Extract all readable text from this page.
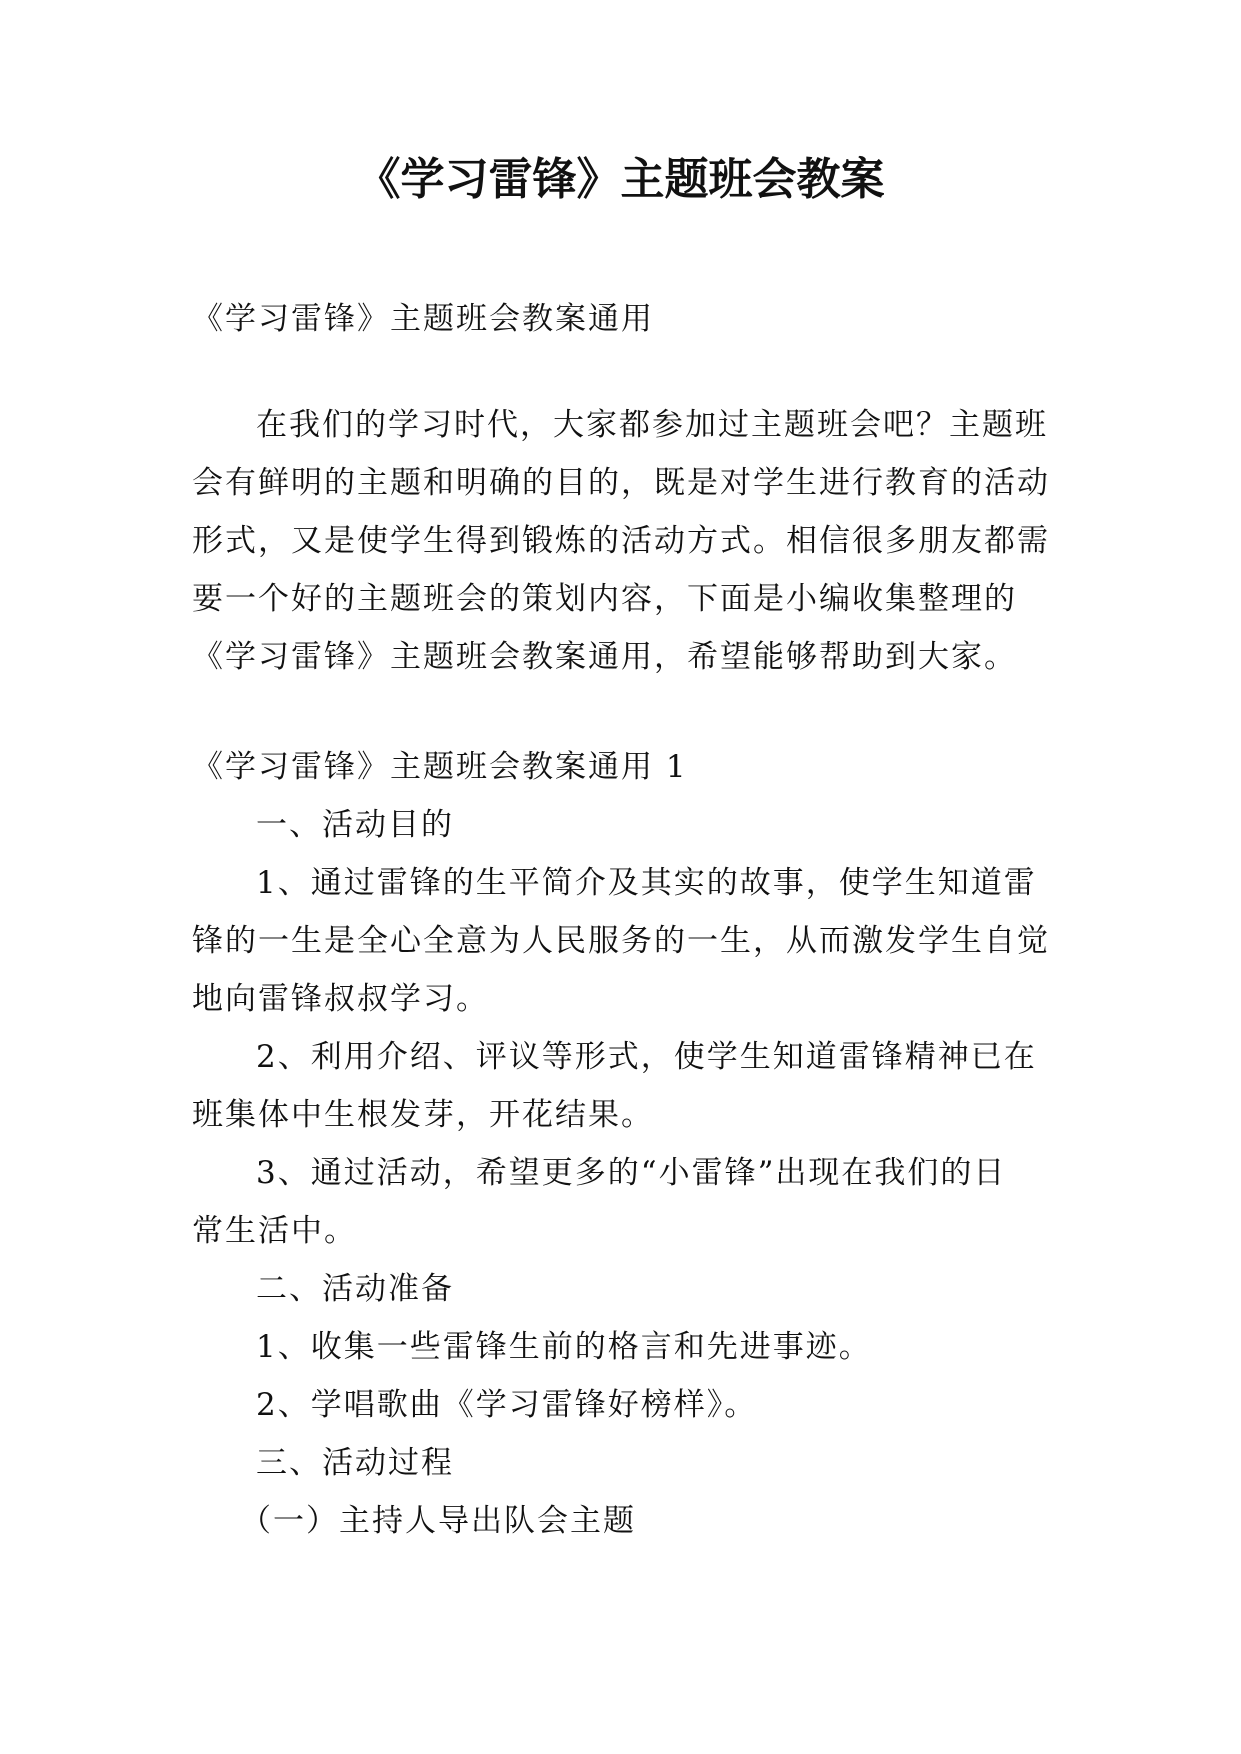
《学习雷锋》主题班会教案

《学习雷锋》主题班会教案通用

在我们的学习时代，大家都参加过主题班会吧？主题班

会有鲜明的主题和明确的目的，既是对学生进行教育的活动

形式，又是使学生得到锻炼的活动方式。相信很多朋友都需

要一个好的主题班会的策划内容，下面是小编收集整理的

《学习雷锋》主题班会教案通用，希望能够帮助到大家。

《学习雷锋》主题班会教案通用 1

一、活动目的

1、通过雷锋的生平简介及其实的故事，使学生知道雷

锋的一生是全心全意为人民服务的一生，从而激发学生自觉

地向雷锋叔叔学习。

2、利用介绍、评议等形式，使学生知道雷锋精神已在

班集体中生根发芽，开花结果。

3、通过活动，希望更多的“小雷锋”出现在我们的日

常生活中。

二、活动准备

1、收集一些雷锋生前的格言和先进事迹。

2、学唱歌曲《学习雷锋好榜样》。

三、活动过程

（一）主持人导出队会主题
